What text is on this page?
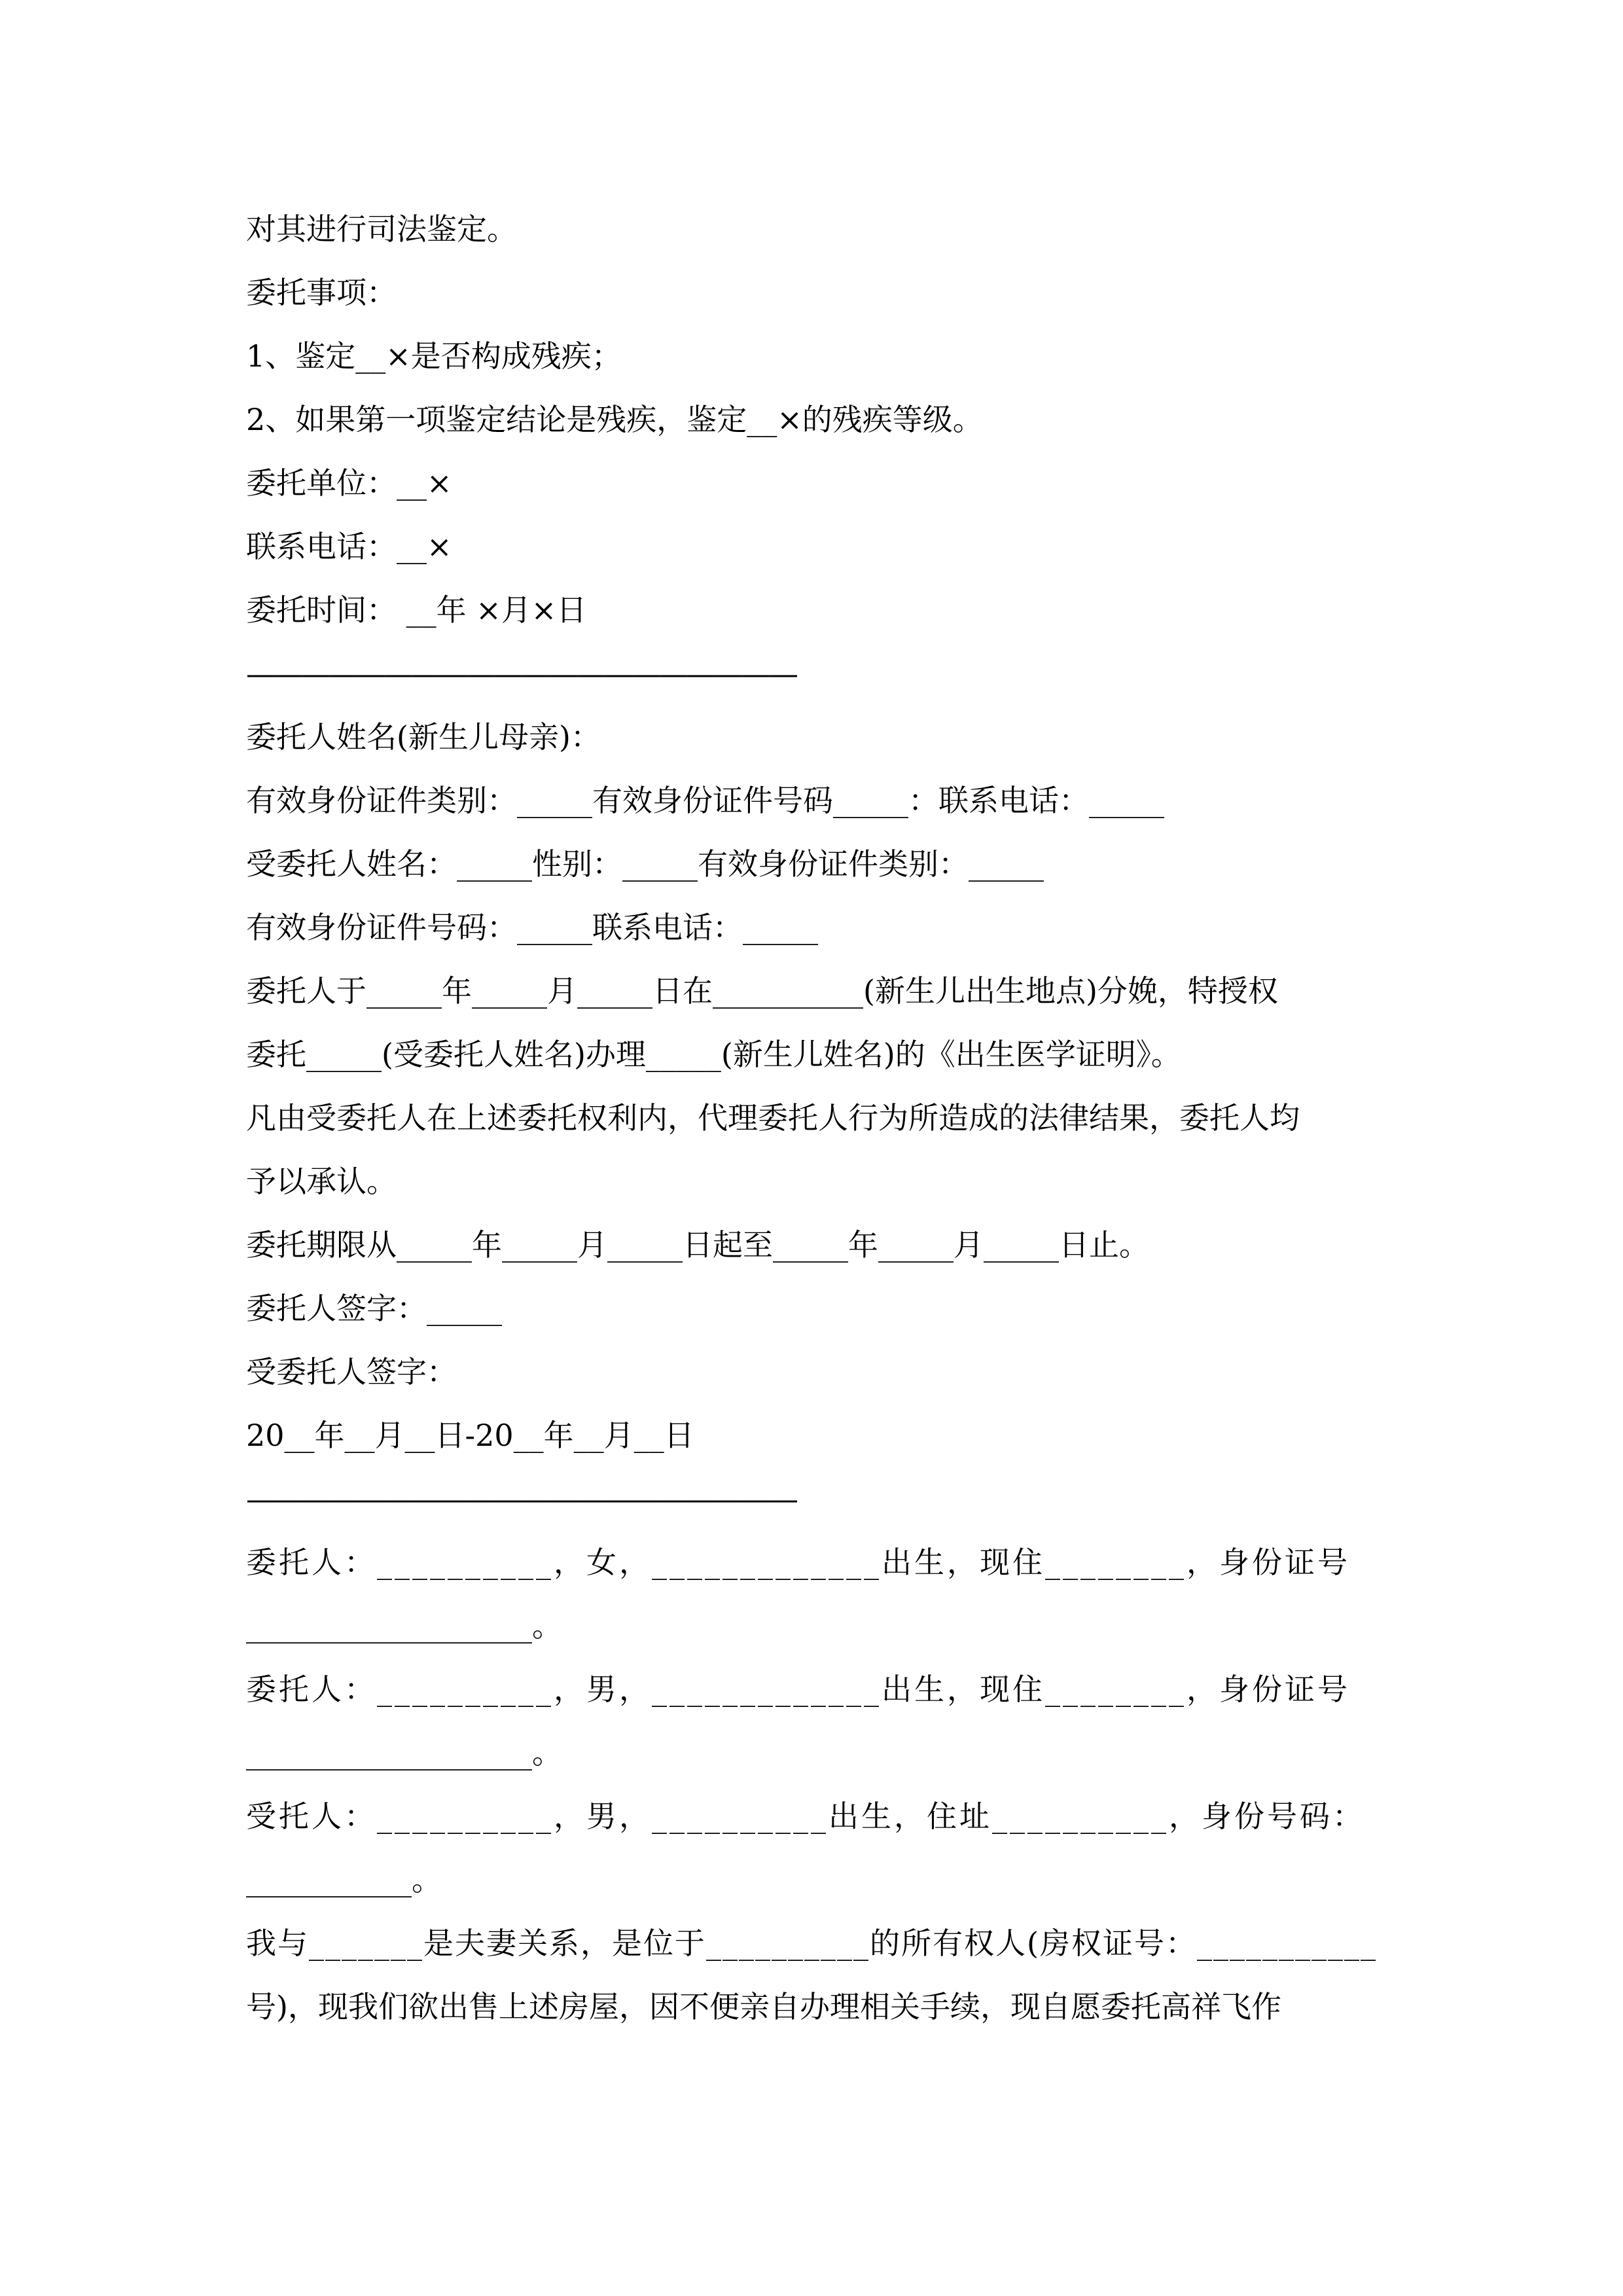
对其进行司法鉴定。
委托事项：
1、鉴定__×是否构成残疾；
2、如果第一项鉴定结论是残疾，鉴定__×的残疾等级。
委托单位：__×
联系电话：__×
委托时间： __年 ×月×日
————————————————————
委托人姓名(新生儿母亲)：
有效身份证件类别：_____有效身份证件号码_____：联系电话：_____
受委托人姓名：_____性别：_____有效身份证件类别：_____
有效身份证件号码：_____联系电话：_____
委托人于_____年_____月_____日在__________(新生儿出生地点)分娩，特授权
委托_____(受委托人姓名)办理_____(新生儿姓名)的《出生医学证明》。
凡由受委托人在上述委托权利内，代理委托人行为所造成的法律结果，委托人均
予以承认。
委托期限从_____年_____月_____日起至_____年_____月_____日止。
委托人签字：_____
受委托人签字：
20__年__月__日-20__年__月__日
————————————————————
委托人：__________，女，_____________出生，现住________，身份证号
___________________。
委托人：__________，男，_____________出生，现住________，身份证号
___________________。
受托人：__________，男，__________出生，住址__________，身份号码：
___________。
我与_______是夫妻关系，是位于__________的所有权人(房权证号：___________
号)，现我们欲出售上述房屋，因不便亲自办理相关手续，现自愿委托高祥飞作
